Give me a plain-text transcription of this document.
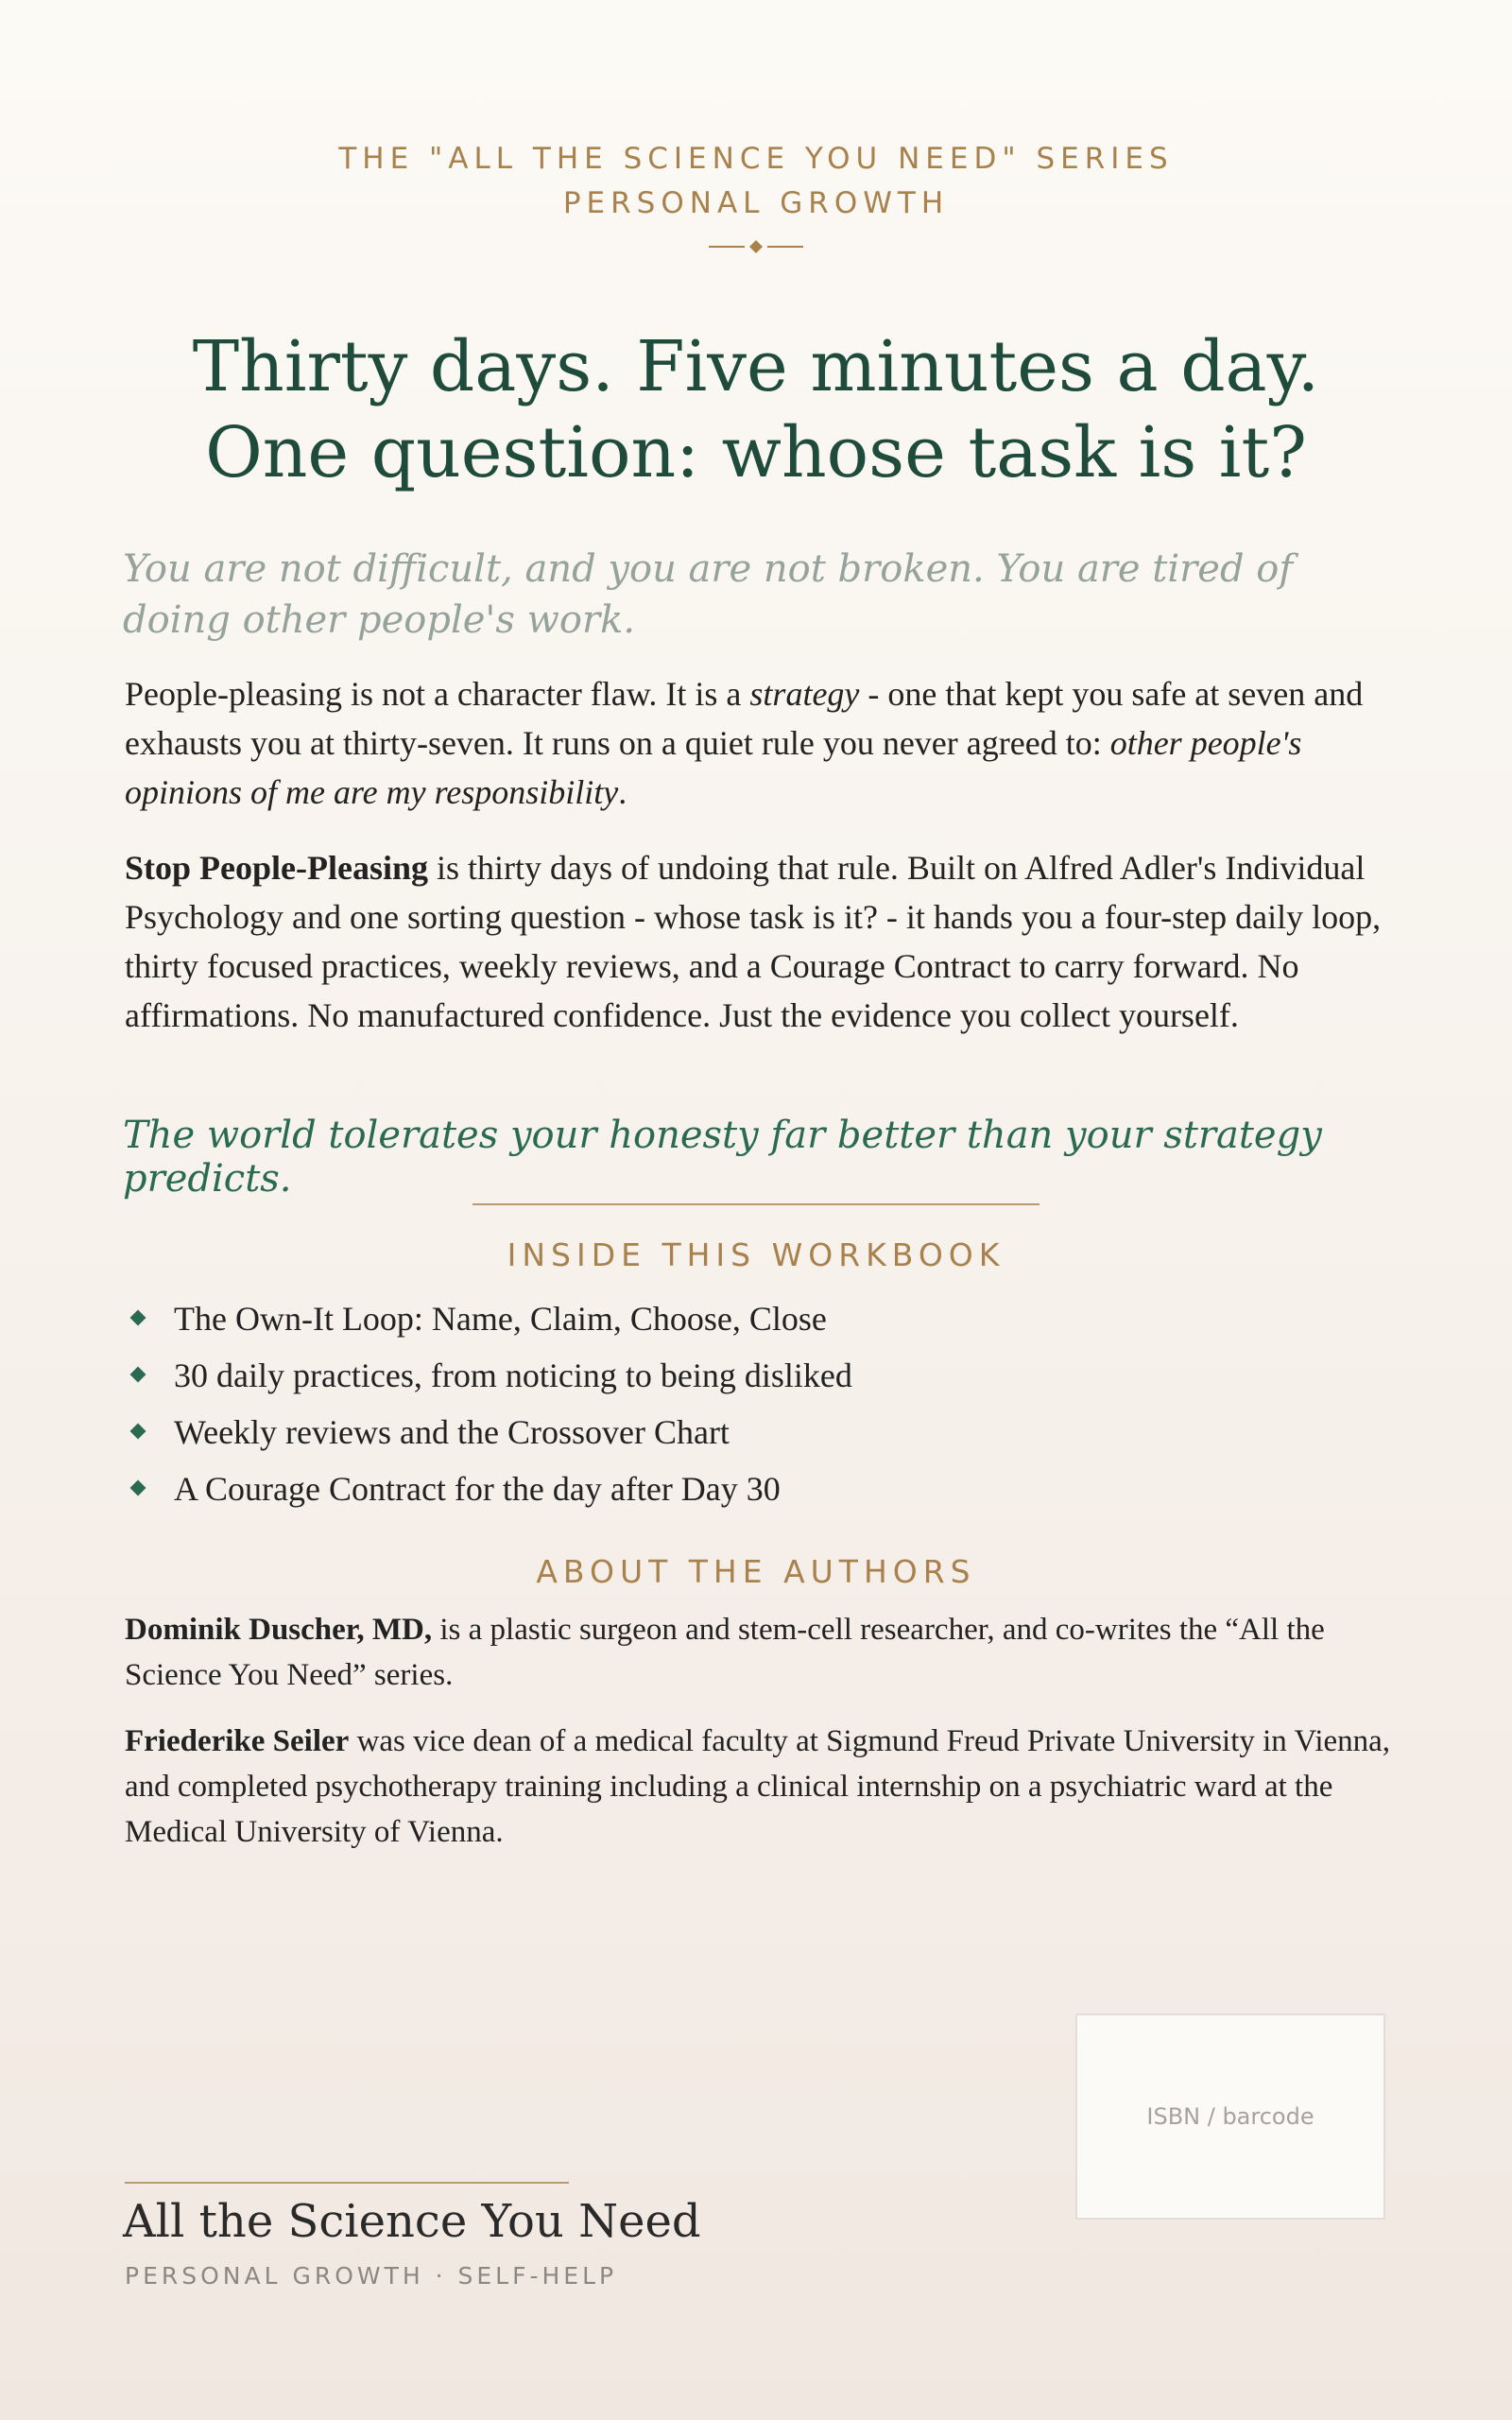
THE "ALL THE SCIENCE YOU NEED" SERIES
PERSONAL GROWTH
Thirty days. Five minutes a day.
One question: whose task is it?
You are not difficult, and you are not broken. You are tired of doing other people's work.
People-pleasing is not a character flaw. It is a strategy - one that kept you safe at seven and exhausts you at thirty-seven. It runs on a quiet rule you never agreed to: other people's opinions of me are my responsibility.
Stop People-Pleasing is thirty days of undoing that rule. Built on Alfred Adler's Individual Psychology and one sorting question - whose task is it? - it hands you a four-step daily loop, thirty focused practices, weekly reviews, and a Courage Contract to carry forward. No affirmations. No manufactured confidence. Just the evidence you collect yourself.
The world tolerates your honesty far better than your strategy predicts.
INSIDE THIS WORKBOOK
The Own-It Loop: Name, Claim, Choose, Close
30 daily practices, from noticing to being disliked
Weekly reviews and the Crossover Chart
A Courage Contract for the day after Day 30
ABOUT THE AUTHORS
Dominik Duscher, MD, is a plastic surgeon and stem-cell researcher, and co-writes the “All the Science You Need” series.
Friederike Seiler was vice dean of a medical faculty at Sigmund Freud Private University in Vienna, and completed psychotherapy training including a clinical internship on a psychiatric ward at the Medical University of Vienna.
ISBN / barcode
All the Science You Need
PERSONAL GROWTH · SELF-HELP
